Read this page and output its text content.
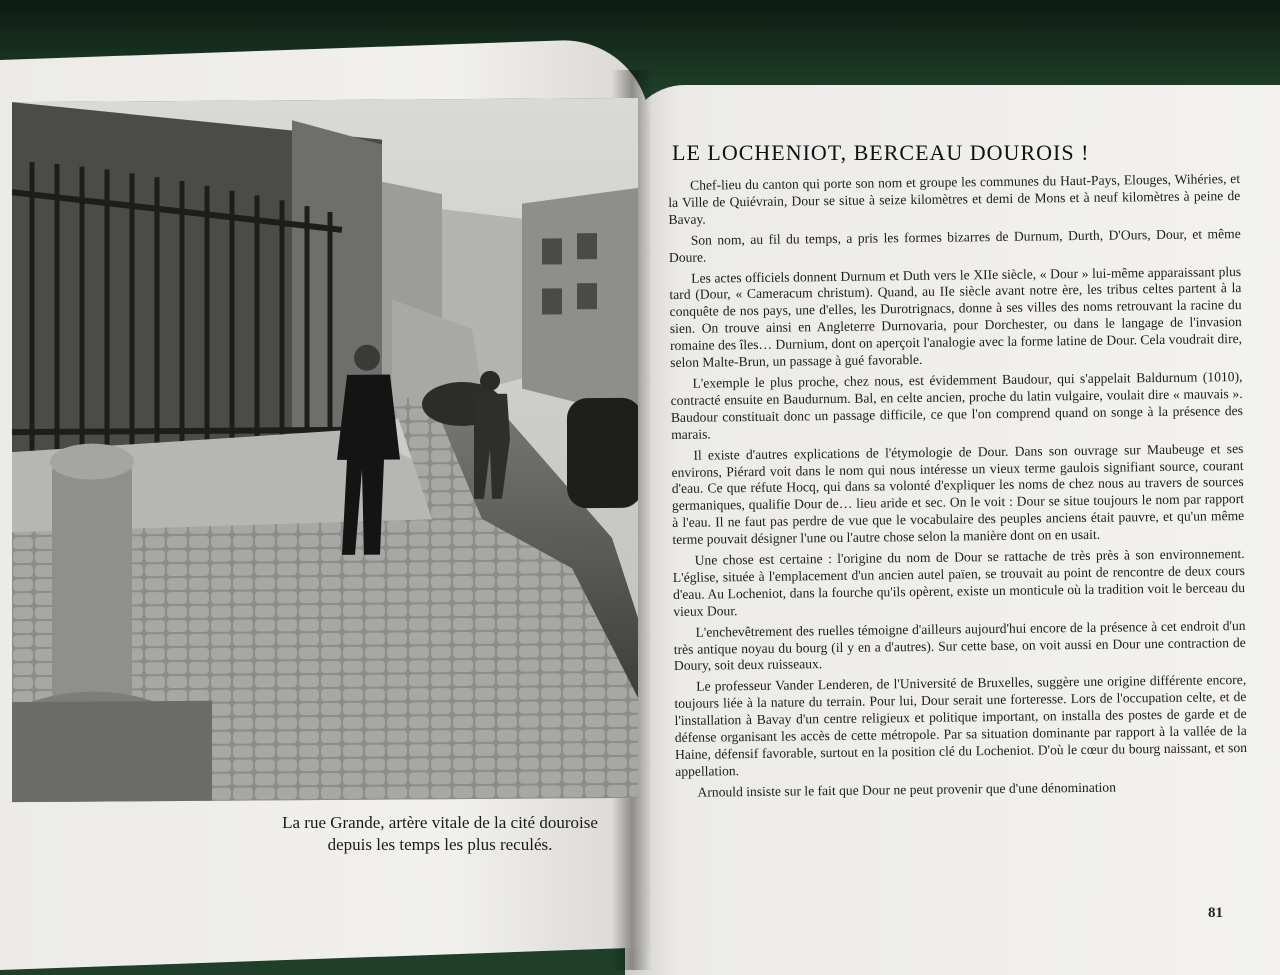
La rue Grande, artère vitale de la cité douroise
depuis les temps les plus reculés.
LE LOCHENIOT, BERCEAU DOUROIS !

Chef-lieu du canton qui porte son nom et groupe les communes du Haut-Pays, Elouges, Wihéries, et la Ville de Quiévrain, Dour se situe à seize kilomètres et demi de Mons et à neuf kilomètres à peine de Bavay.

Son nom, au fil du temps, a pris les formes bizarres de Durnum, Durth, D'Ours, Dour, et même Doure.

Les actes officiels donnent Durnum et Duth vers le XIIe siècle, « Dour » lui-même apparaissant plus tard (Dour, « Cameracum christum). Quand, au IIe siècle avant notre ère, les tribus celtes partent à la conquête de nos pays, une d'elles, les Durotrignacs, donne à ses villes des noms retrouvant la racine du sien. On trouve ainsi en Angleterre Durnovaria, pour Dorchester, ou dans le langage de l'invasion romaine des îles… Durnium, dont on aperçoit l'analogie avec la forme latine de Dour. Cela voudrait dire, selon Malte-Brun, un passage à gué favorable.

L'exemple le plus proche, chez nous, est évidemment Baudour, qui s'appelait Baldurnum (1010), contracté ensuite en Baudurnum. Bal, en celte ancien, proche du latin vulgaire, voulait dire « mauvais ». Baudour constituait donc un passage difficile, ce que l'on comprend quand on songe à la présence des marais.

Il existe d'autres explications de l'étymologie de Dour. Dans son ouvrage sur Maubeuge et ses environs, Piérard voit dans le nom qui nous intéresse un vieux terme gaulois signifiant source, courant d'eau. Ce que réfute Hocq, qui dans sa volonté d'expliquer les noms de chez nous au travers de sources germaniques, qualifie Dour de… lieu aride et sec. On le voit : Dour se situe toujours le nom par rapport à l'eau. Il ne faut pas perdre de vue que le vocabulaire des peuples anciens était pauvre, et qu'un même terme pouvait désigner l'une ou l'autre chose selon la manière dont on en usait.

Une chose est certaine : l'origine du nom de Dour se rattache de très près à son environnement. L'église, située à l'emplacement d'un ancien autel païen, se trouvait au point de rencontre de deux cours d'eau. Au Locheniot, dans la fourche qu'ils opèrent, existe un monticule où la tradition voit le berceau du vieux Dour.

L'enchevêtrement des ruelles témoigne d'ailleurs aujourd'hui encore de la présence à cet endroit d'un très antique noyau du bourg (il y en a d'autres). Sur cette base, on voit aussi en Dour une contraction de Doury, soit deux ruisseaux.

Le professeur Vander Lenderen, de l'Université de Bruxelles, suggère une origine différente encore, toujours liée à la nature du terrain. Pour lui, Dour serait une forteresse. Lors de l'occupation celte, et de l'installation à Bavay d'un centre religieux et politique important, on installa des postes de garde et de défense organisant les accès de cette métropole. Par sa situation dominante par rapport à la vallée de la Haine, défensif favorable, surtout en la position clé du Locheniot. D'où le cœur du bourg naissant, et son appellation.

Arnould insiste sur le fait que Dour ne peut provenir que d'une dénomination

81
